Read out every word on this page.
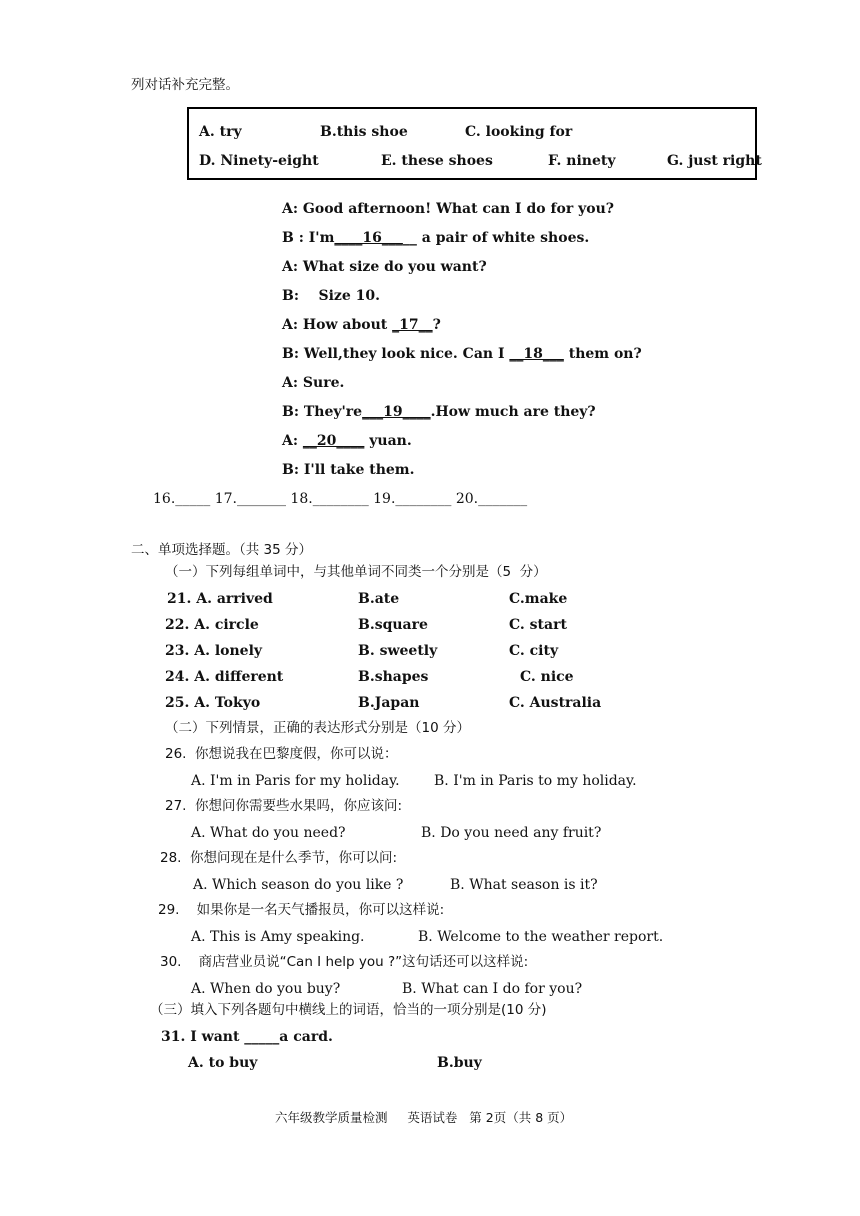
列对话补充完整。
A. try	B.this shoe	C. looking for
D. Ninety-eight	E. these shoes	F. ninety	G. just right
A: Good afternoon! What can I do for you?
B : I'm____16_____ a pair of white shoes.
A: What size do you want?
B:    Size 10.
A: How about _17__?
B: Well,they look nice. Can I __18___ them on?
A: Sure.
B: They're___19____.How much are they?
A: __20____ yuan.
B: I'll take them.
16._____ 17._______ 18.________ 19.________ 20._______
二、单项选择题。（共 35 分）
（一）下列每组单词中，与其他单词不同类一个分别是（5  分）
21. A. arrived	B.ate	C.make
22. A. circle	B.square	C. start
23. A. lonely	B. sweetly	C. city
24. A. different	B.shapes	C. nice
25. A. Tokyo	B.Japan	C. Australia
（二）下列情景，正确的表达形式分别是（10 分）
26.  你想说我在巴黎度假，你可以说：
A. I'm in Paris for my holiday. B. I'm in Paris to my holiday.
27.  你想问你需要些水果吗，你应该问:
A. What do you need?	B. Do you need any fruit?
28.  你想问现在是什么季节，你可以问:
A. Which season do you like ?	B. What season is it?
29.    如果你是一名天气播报员，你可以这样说:
A. This is Amy speaking.	B. Welcome to the weather report.
30.    商店营业员说“Can I help you ?”这句话还可以这样说:
A. When do you buy?	B. What can I do for you?
（三）填入下列各题句中横线上的词语，恰当的一项分别是(10 分)
31. I want _____a card.
A. to buy	B.buy
六年级教学质量检测     英语试卷   第 2页（共 8 页）
